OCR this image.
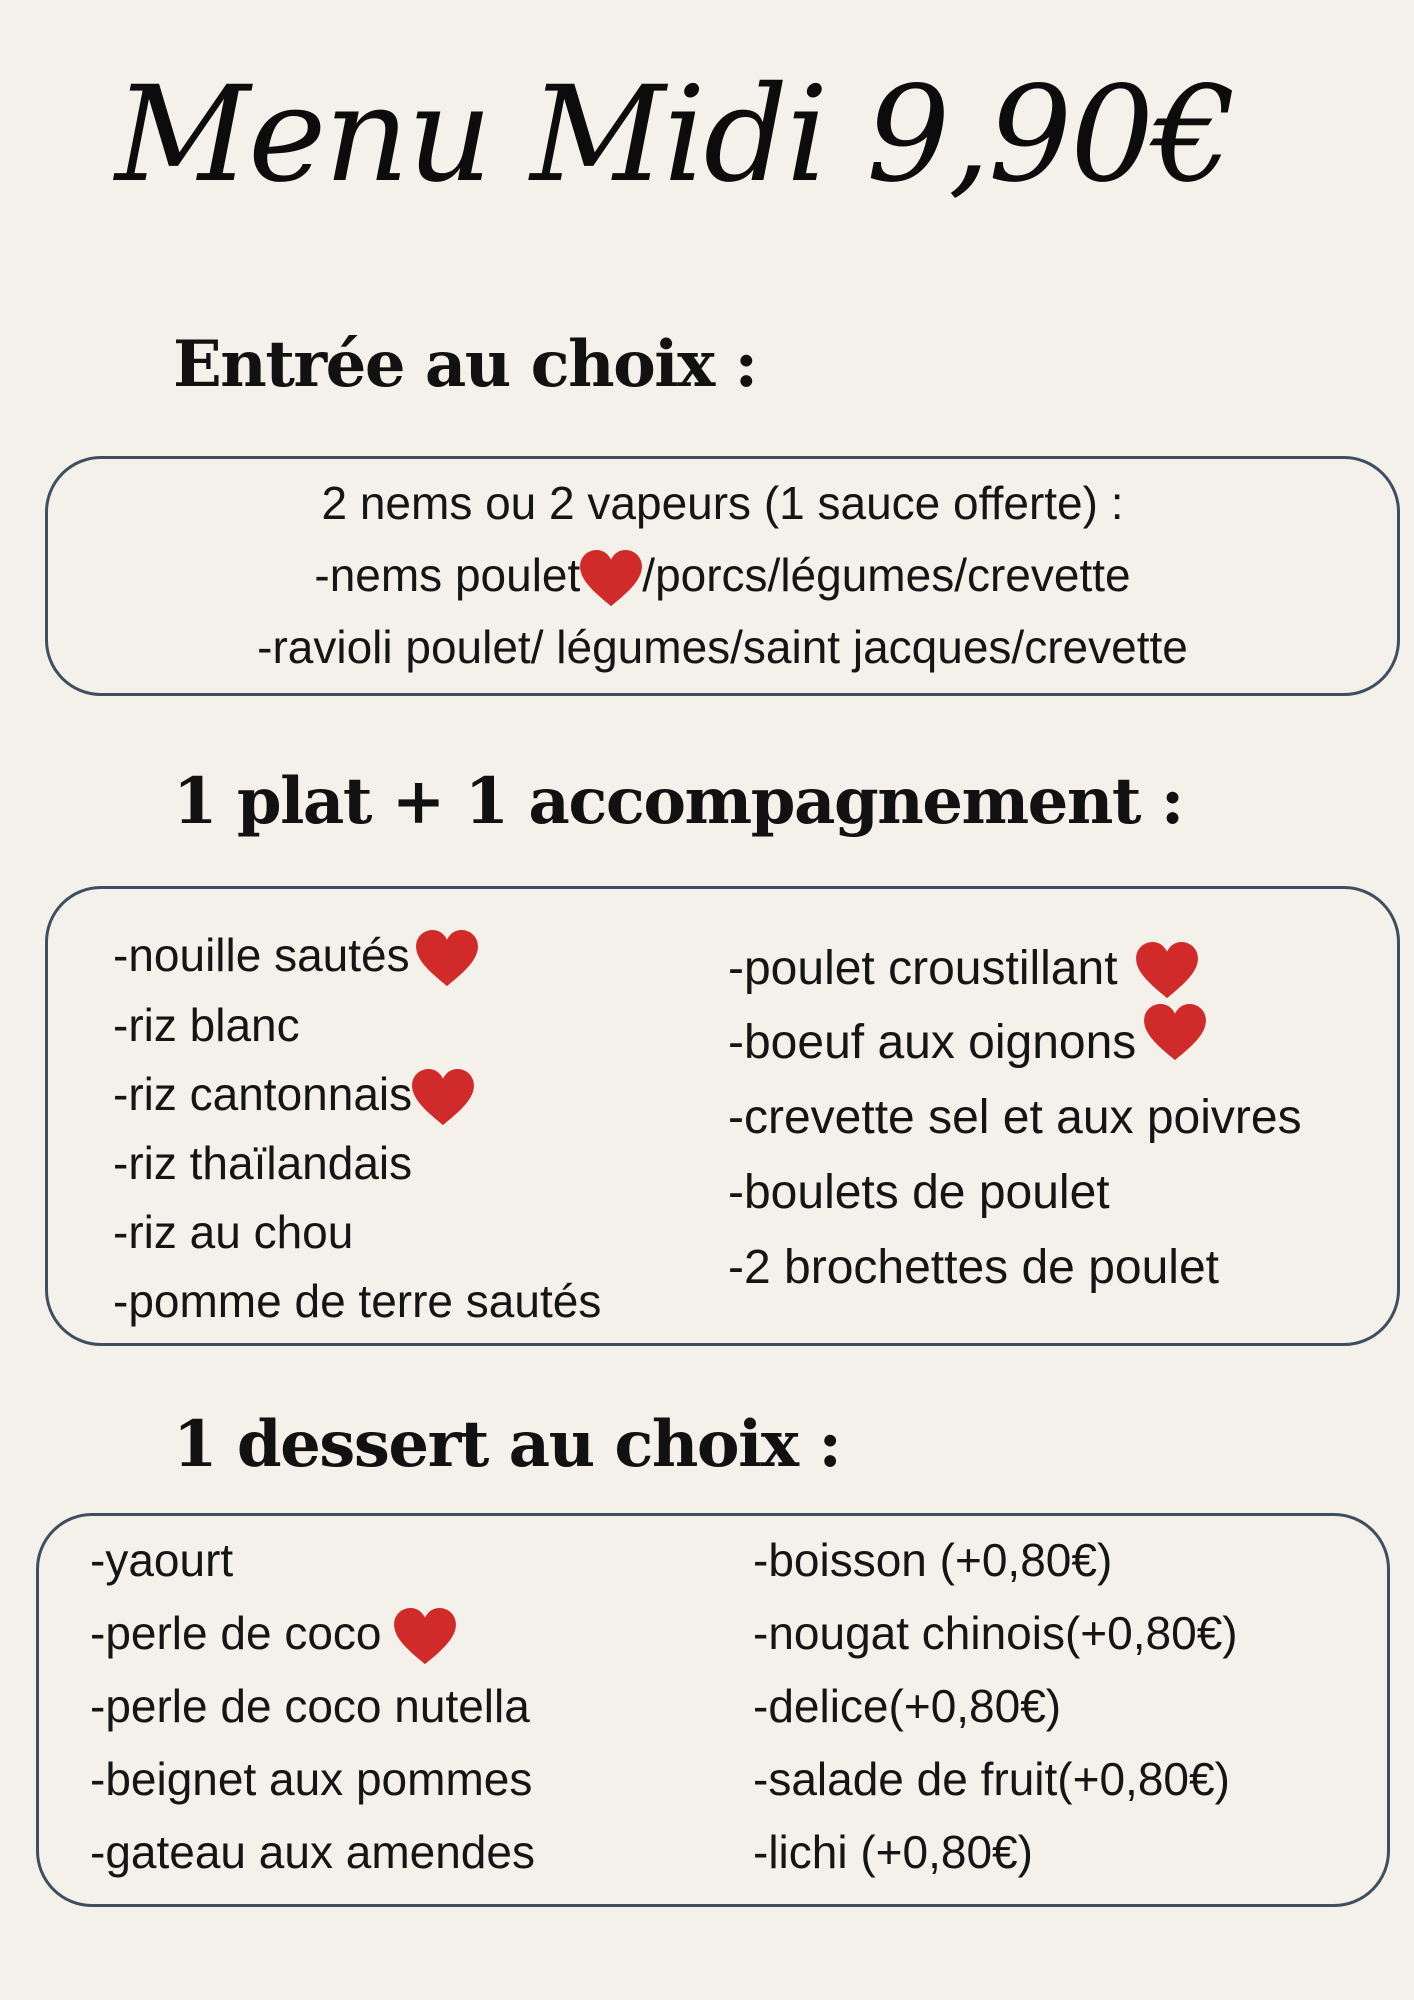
Menu Midi 9,90€
Entrée au choix :
2 nems ou 2 vapeurs (1 sauce offerte) :
-nems poulet /porcs/légumes/crevette
-ravioli poulet/ légumes/saint jacques/crevette
1 plat + 1 accompagnement :
-nouille sautés
-riz blanc
-riz cantonnais
-riz thaïlandais
-riz au chou
-pomme de terre sautés
-poulet croustillant
-boeuf aux oignons
-crevette sel et aux poivres
-boulets de poulet
-2 brochettes de poulet
1 dessert au choix :
-yaourt
-perle de coco
-perle de coco nutella
-beignet aux pommes
-gateau aux amendes
-boisson (+0,80€)
-nougat chinois(+0,80€)
-delice(+0,80€)
-salade de fruit(+0,80€)
-lichi (+0,80€)
